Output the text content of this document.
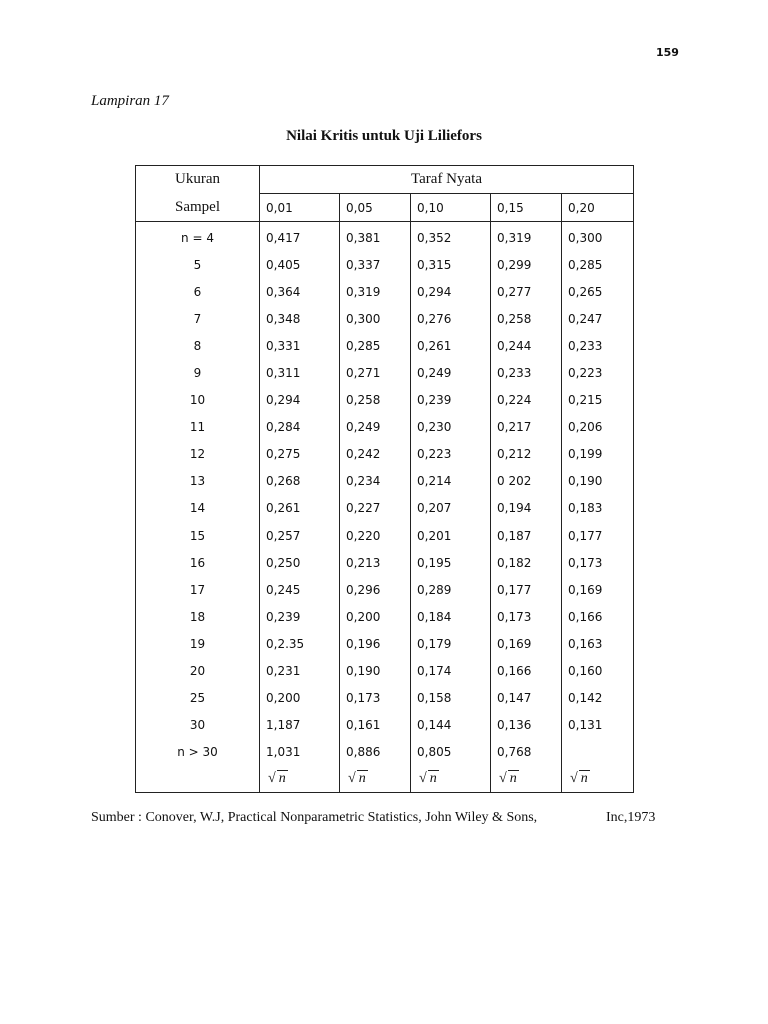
159
Lampiran 17
Nilai Kritis untuk Uji Liliefors
Ukuran	Taraf Nyata				
Sampel	0,01	0,05	0,10	0,15	0,20
n = 4	0,417	0,381	0,352	0,319	0,300
5	0,405	0,337	0,315	0,299	0,285
6	0,364	0,319	0,294	0,277	0,265
7	0,348	0,300	0,276	0,258	0,247
8	0,331	0,285	0,261	0,244	0,233
9	0,311	0,271	0,249	0,233	0,223
10	0,294	0,258	0,239	0,224	0,215
11	0,284	0,249	0,230	0,217	0,206
12	0,275	0,242	0,223	0,212	0,199
13	0,268	0,234	0,214	0 202	0,190
14	0,261	0,227	0,207	0,194	0,183
15	0,257	0,220	0,201	0,187	0,177
16	0,250	0,213	0,195	0,182	0,173
17	0,245	0,296	0,289	0,177	0,169
18	0,239	0,200	0,184	0,173	0,166
19	0,2.35	0,196	0,179	0,169	0,163
20	0,231	0,190	0,174	0,166	0,160
25	0,200	0,173	0,158	0,147	0,142
30	1,187	0,161	0,144	0,136	0,131
n > 30	1,031	0,886	0,805	0,768	
	√ n	√ n	√ n	√ n	√ n
Sumber : Conover, W.J, Practical Nonparametric Statistics, John Wiley & Sons,	Inc,1973
